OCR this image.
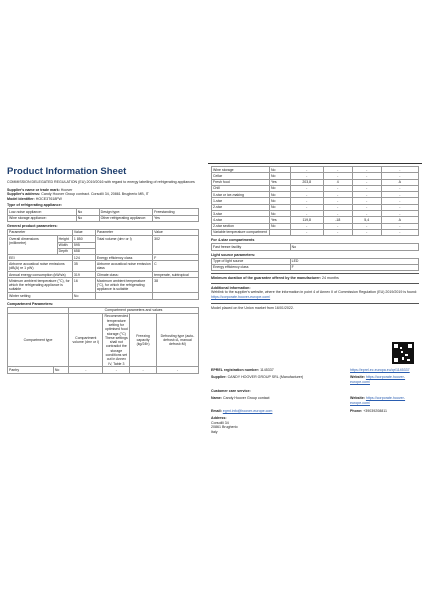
Product Information Sheet
COMMISSION DELEGATED REGULATION (EU) 2019/2016 with regard to energy labelling of refrigerating appliances
Supplier's name or trade mark: Hoover
Supplier's address: Candy Hoover Group contract. Corsoilli 34, 20861 Brugherio MB, IT
Model identifier: HOCE3T618FW
Type of refrigerating appliance:
Low-noise appliance:	No	Design type:	Freestanding
Wine storage appliance:	No	Other refrigerating appliance:	Yes
General product parameters:
Parameter		Value	Parameter	Value
Overall dimensions (millimetre)	Height	1 850	Total volume (dm³ or l)	302
	Width	595		
	Depth	658		
EEI		124	Energy efficiency class	F
Airborne acoustical noise emissions (dB(A) re 1 pW)		35	Airborne acoustical noise emission class	C
Annual energy consumption (kWh/a)		319	Climate class:	temperate, subtropical
Minimum ambient temperature (°C), for which the refrigerating appliance is suitable		16	Maximum ambient temperature (°C), for which the refrigerating appliance is suitable	38
Winter setting		No		
Compartment Parameters:
		Compartment parameters and values			
Compartment type		Compartment volume (dm³ or l)	Recommended temperature setting for optimised food storage (°C) These settings shall not contradict the storage conditions set out in Annex IV, Table 3	Freezing capacity (kg/24h)	Defrosting type (auto-defrost=A, manual defrost=M)
Pantry	No	-	-	-	-
Wine storage	No	-	-	-	-
Cellar	No	-	-	-	-
Fresh food	Yes	203,8	4	-	A
Chill	No	-	-	-	-
0-star or ice-making	No	-	-	-	-
1-star	No	-	-	-	-
2-star	No	-	-	-	-
3-star	No	-	-	-	-
4-star	Yes	119,8	-18	5,4	A
2-star section	No	-	-	-	-
Variable temperature compartment		-	-	-	-
For 4-star compartments
Fast freeze facility	No
Light source parameters:
Type of light source	LED
Energy efficiency class	F
Minimum duration of the guarantee offered by the manufacturer: 24 months
Additional information:
Weblink to the supplier's website, where the information in point 4 of Annex II of Commission Regulation (EU) 2019/2019 is found: https://corporate.hoover-europe.com/
Model placed on the Union market from 16/01/2022.
EPREL registration number: 1145337	https://eprel.ec.europa.eu/qr/1145337
Supplier: CANDY HOOVER GROUP SRL (Manufacturer)	Website: https://corporate.hoover-europe.com/
Customer care service:
Name: Candy Hoover Group contact	Website: https://corporate.hoover-europe.com/
Email: egmt.info@hoover-europe.com	Phone: +39039208811
Address:
Corsoilli 34
20861 Brugherio
Italy
